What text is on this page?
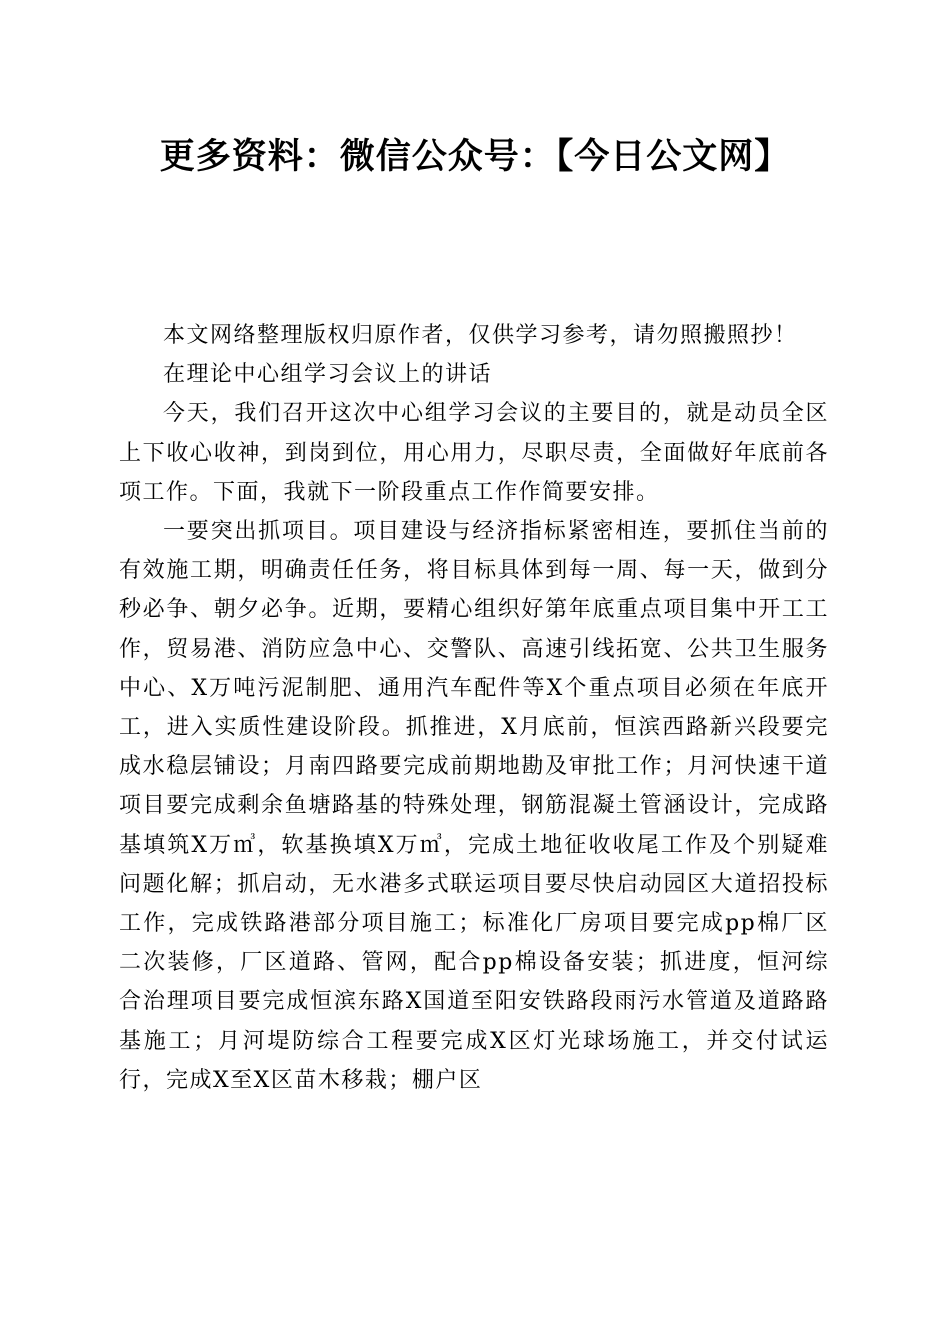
更多资料：微信公众号：【今日公文网】

本文网络整理版权归原作者，仅供学习参考，请勿照搬照抄！

在理论中心组学习会议上的讲话

今天，我们召开这次中心组学习会议的主要目的，就是动员全区上下收心收神，到岗到位，用心用力，尽职尽责，全面做好年底前各项工作。下面，我就下一阶段重点工作作简要安排。

一要突出抓项目。项目建设与经济指标紧密相连，要抓住当前的有效施工期，明确责任任务，将目标具体到每一周、每一天，做到分秒必争、朝夕必争。近期，要精心组织好第年底重点项目集中开工工作，贸易港、消防应急中心、交警队、高速引线拓宽、公共卫生服务中心、X万吨污泥制肥、通用汽车配件等X个重点项目必须在年底开工，进入实质性建设阶段。抓推进，X月底前，恒滨西路新兴段要完成水稳层铺设；月南四路要完成前期地勘及审批工作；月河快速干道项目要完成剩余鱼塘路基的特殊处理，钢筋混凝土管涵设计，完成路基填筑X万㎥，软基换填X万㎥，完成土地征收收尾工作及个别疑难问题化解；抓启动，无水港多式联运项目要尽快启动园区大道招投标工作，完成铁路港部分项目施工；标准化厂房项目要完成pp棉厂区二次装修，厂区道路、管网，配合pp棉设备安装；抓进度，恒河综合治理项目要完成恒滨东路X国道至阳安铁路段雨污水管道及道路路基施工；月河堤防综合工程要完成X区灯光球场施工，并交付试运行，完成X至X区苗木移栽；棚户区
